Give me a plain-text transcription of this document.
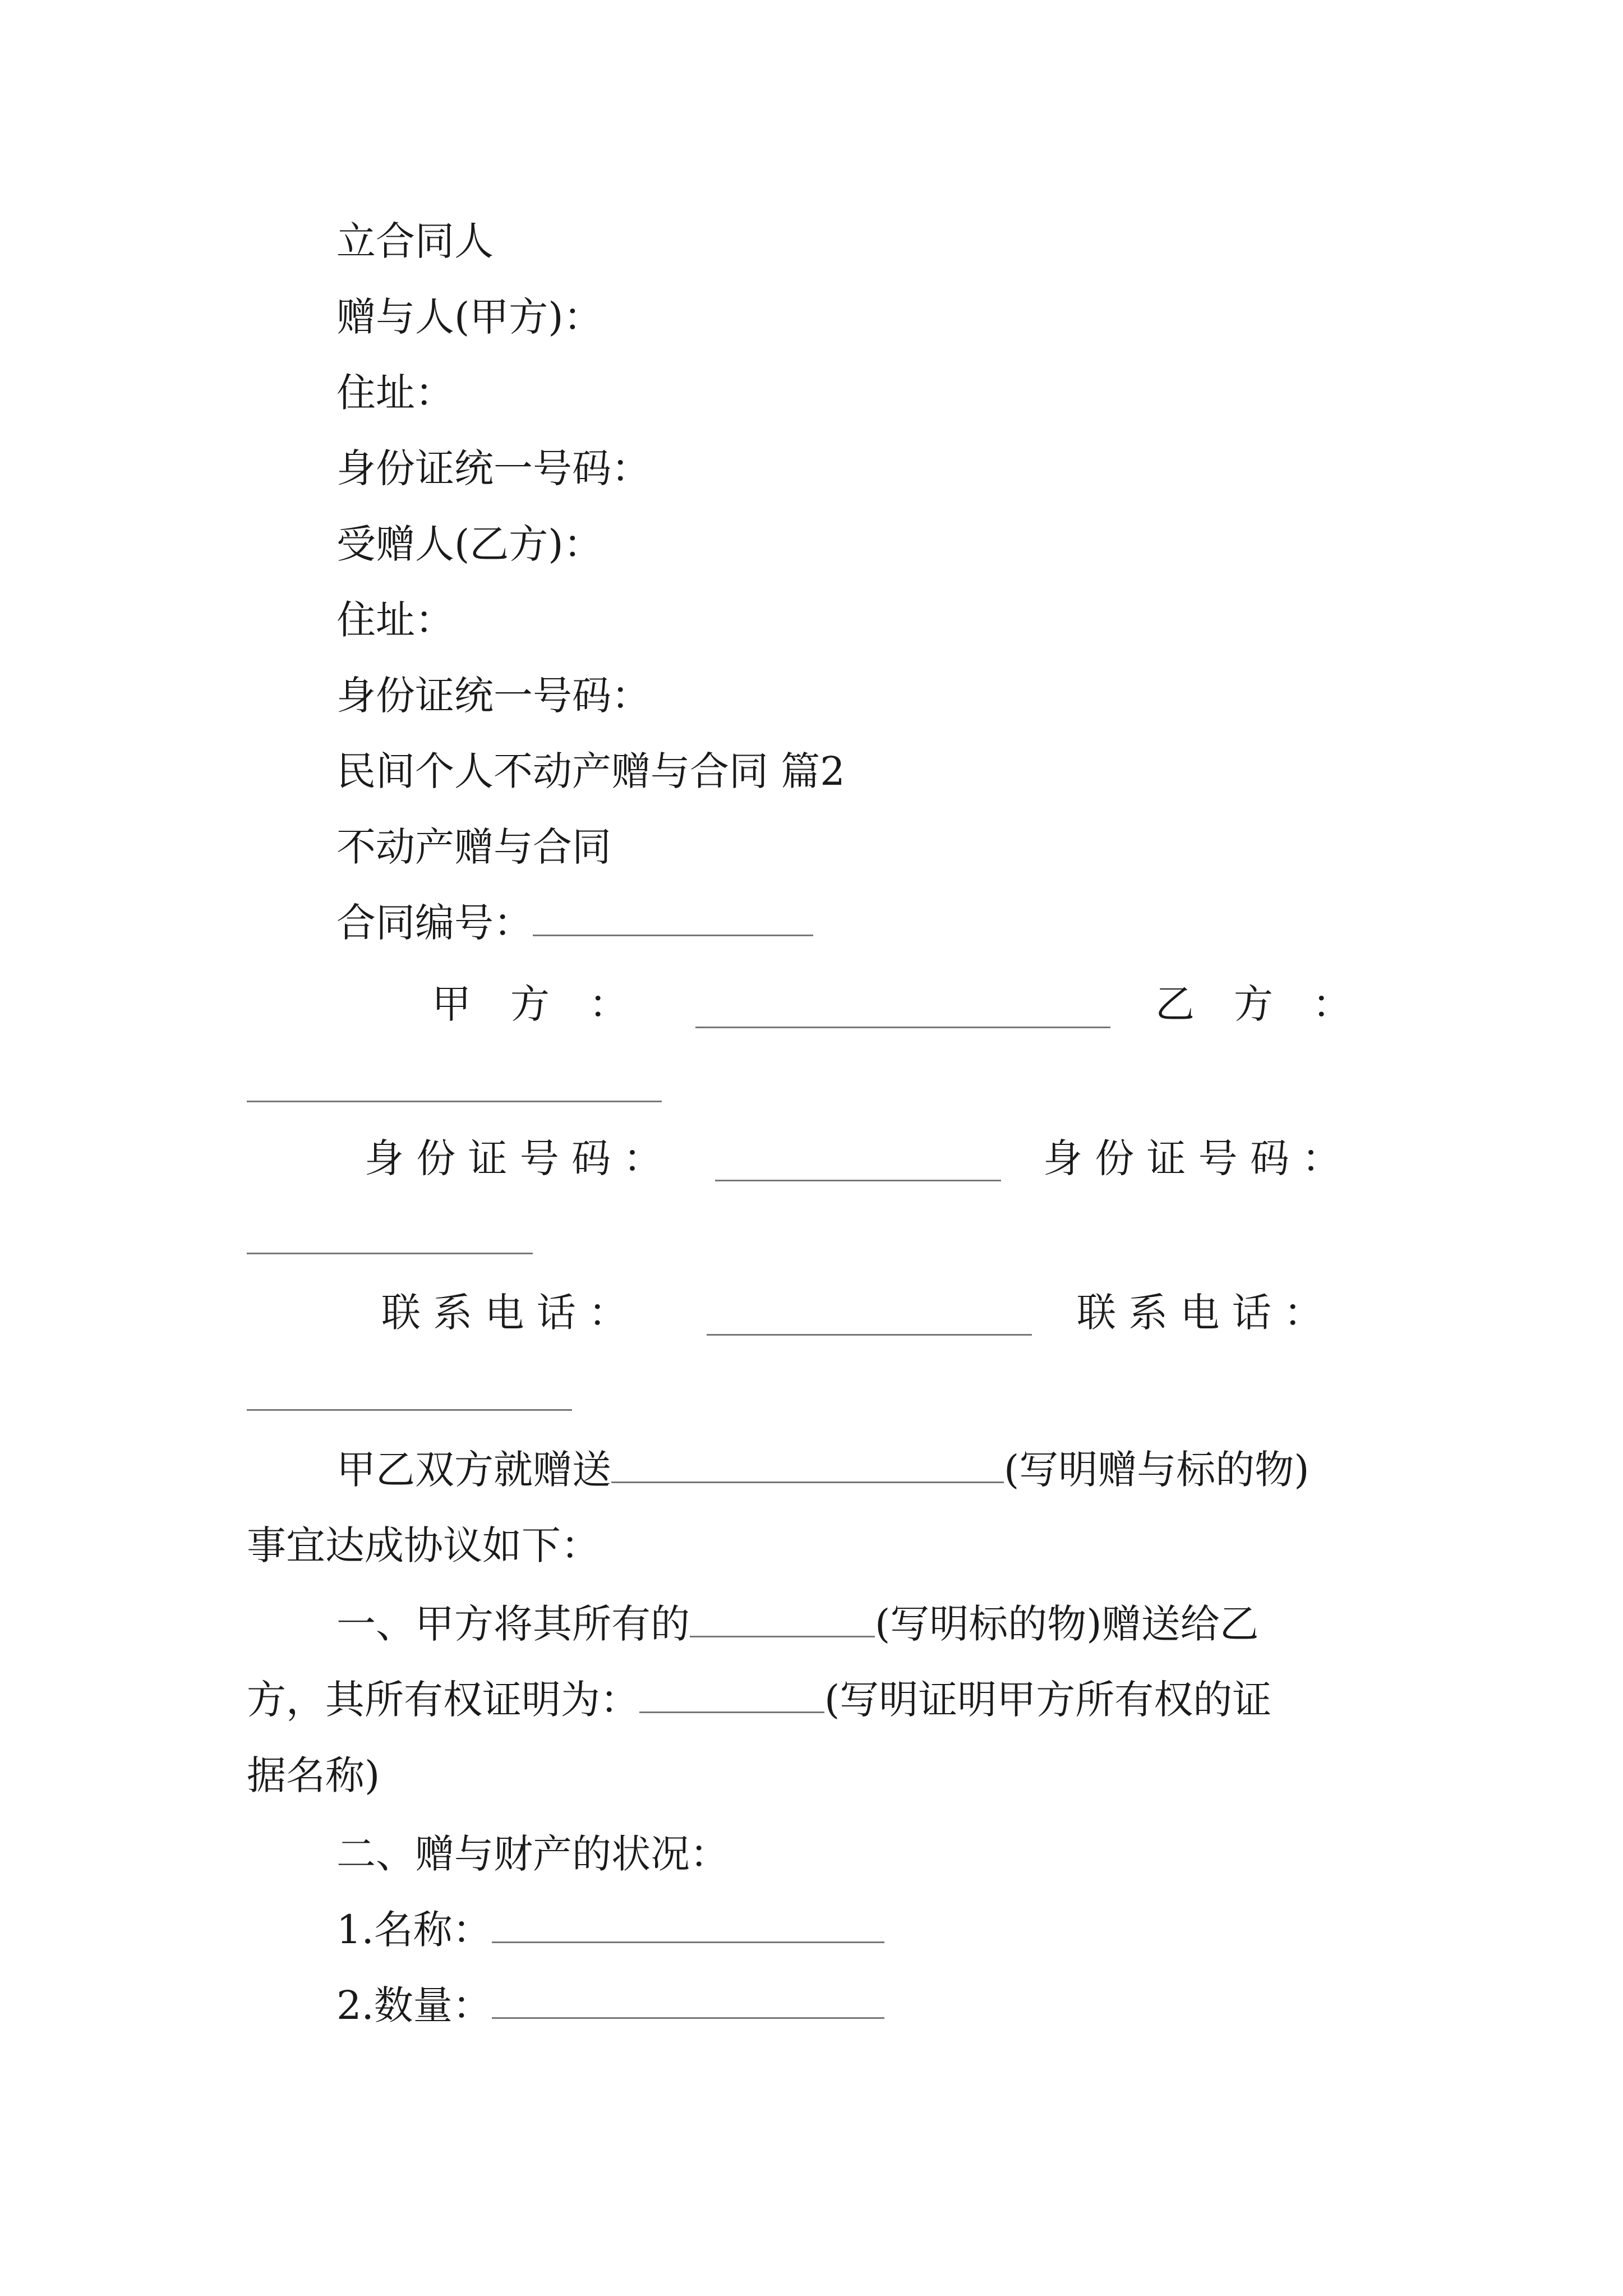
立合同人
赠与人(甲方)：
住址：
身份证统一号码：
受赠人(乙方)：
住址：
身份证统一号码：
民间个人不动产赠与合同 篇2
不动产赠与合同
合同编号：
甲　方　：	乙　方　：
身 份 证 号 码 ：	身 份 证 号 码 ：
联 系 电 话 ：	联 系 电 话 ：
甲乙双方就赠送	(写明赠与标的物)
事宜达成协议如下：
一、甲方将其所有的	(写明标的物)赠送给乙
方，其所有权证明为：	(写明证明甲方所有权的证
据名称)
二、赠与财产的状况：
1.名称：
2.数量：
